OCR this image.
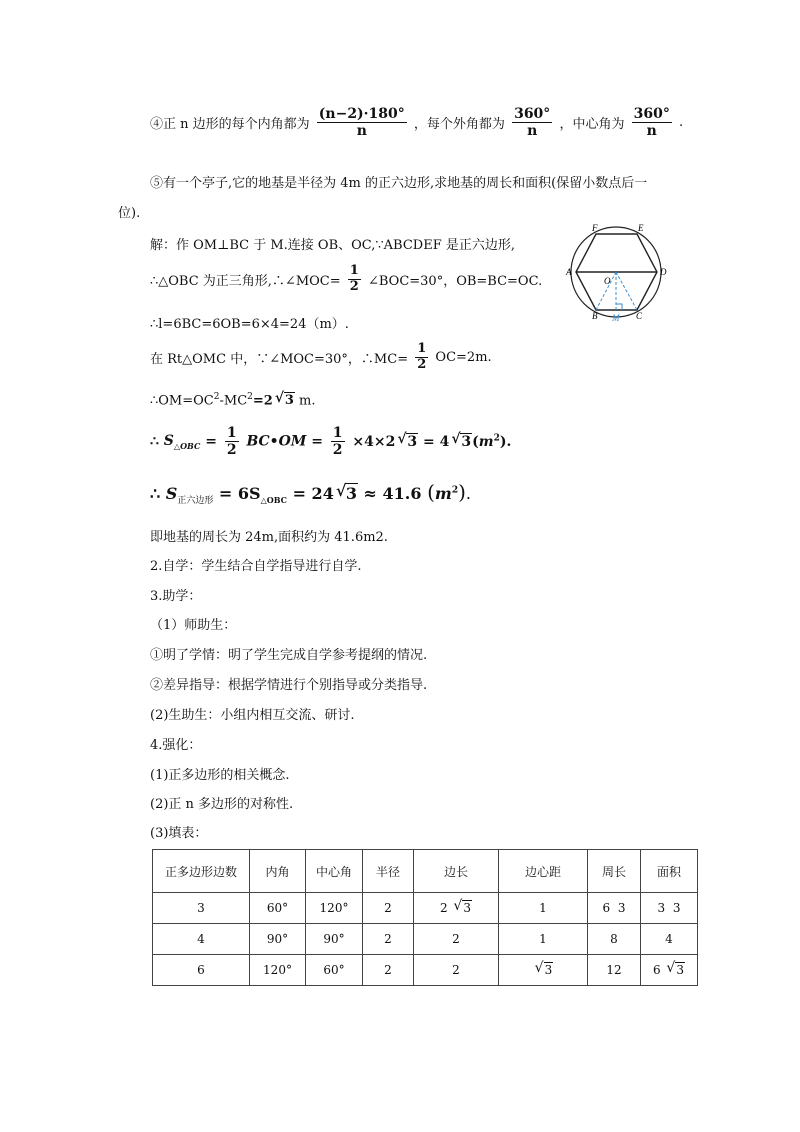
④正 n 边形的每个内角都为 $\frac{(n-2)\cdot 180^\circ}{n}$ ，每个外角都为 $\frac{360^\circ}{n}$ ，中心角为 $\frac{360^\circ}{n}$ .
⑤有一个亭子,它的地基是半径为 4m 的正六边形,求地基的周长和面积(保留小数点后一
位).
解：作 OM⊥BC 于 M.连接 OB、OC,∵ABCDEF 是正六边形,
∴△OBC 为正三角形,∴∠MOC= $\frac{1}{2}$ ∠BOC=30°，OB=BC=OC.
∴l=6BC=6OB=6×4=24（m）.
在 Rt△OMC 中，∵∠MOC=30°，∴MC= $\frac{1}{2} OC=2m$.
$\therefore OM=OC^2-MC^2=2$ √ 3 m.
∴ $S_{\triangle OBC} = \frac{1}{2}$ BC•OM = $\frac{1}{2} \times 4\times 2$ √ 3 = 4 √ $3(m^2)$.
∴ $S_{正六边形} = 6S_{\triangle OBC} = 24$ √ 3 ≈ 41.6 $(m^2)$.
即地基的周长为 24m,面积约为 41.6m2.
2.自学：学生结合自学指导进行自学.
3.助学：
（1）师助生：
①明了学情：明了学生完成自学参考提纲的情况.
②差异指导：根据学情进行个别指导或分类指导.
(2)生助生：小组内相互交流、研讨.
4.强化：
(1)正多边形的相关概念.
(2)正 n 多边形的对称性.
(3)填表：
F	E
A	D
O
B M C
正多边形边数	内角	中心角	半径	边长	边心距	周长	面积
3	60°	120°	2	2 √ 3	1	6 3	3 3
4	90°	90°	2	2	1	8	4
6	120°	60°	2	2	√ 3	12	6 √ 3
